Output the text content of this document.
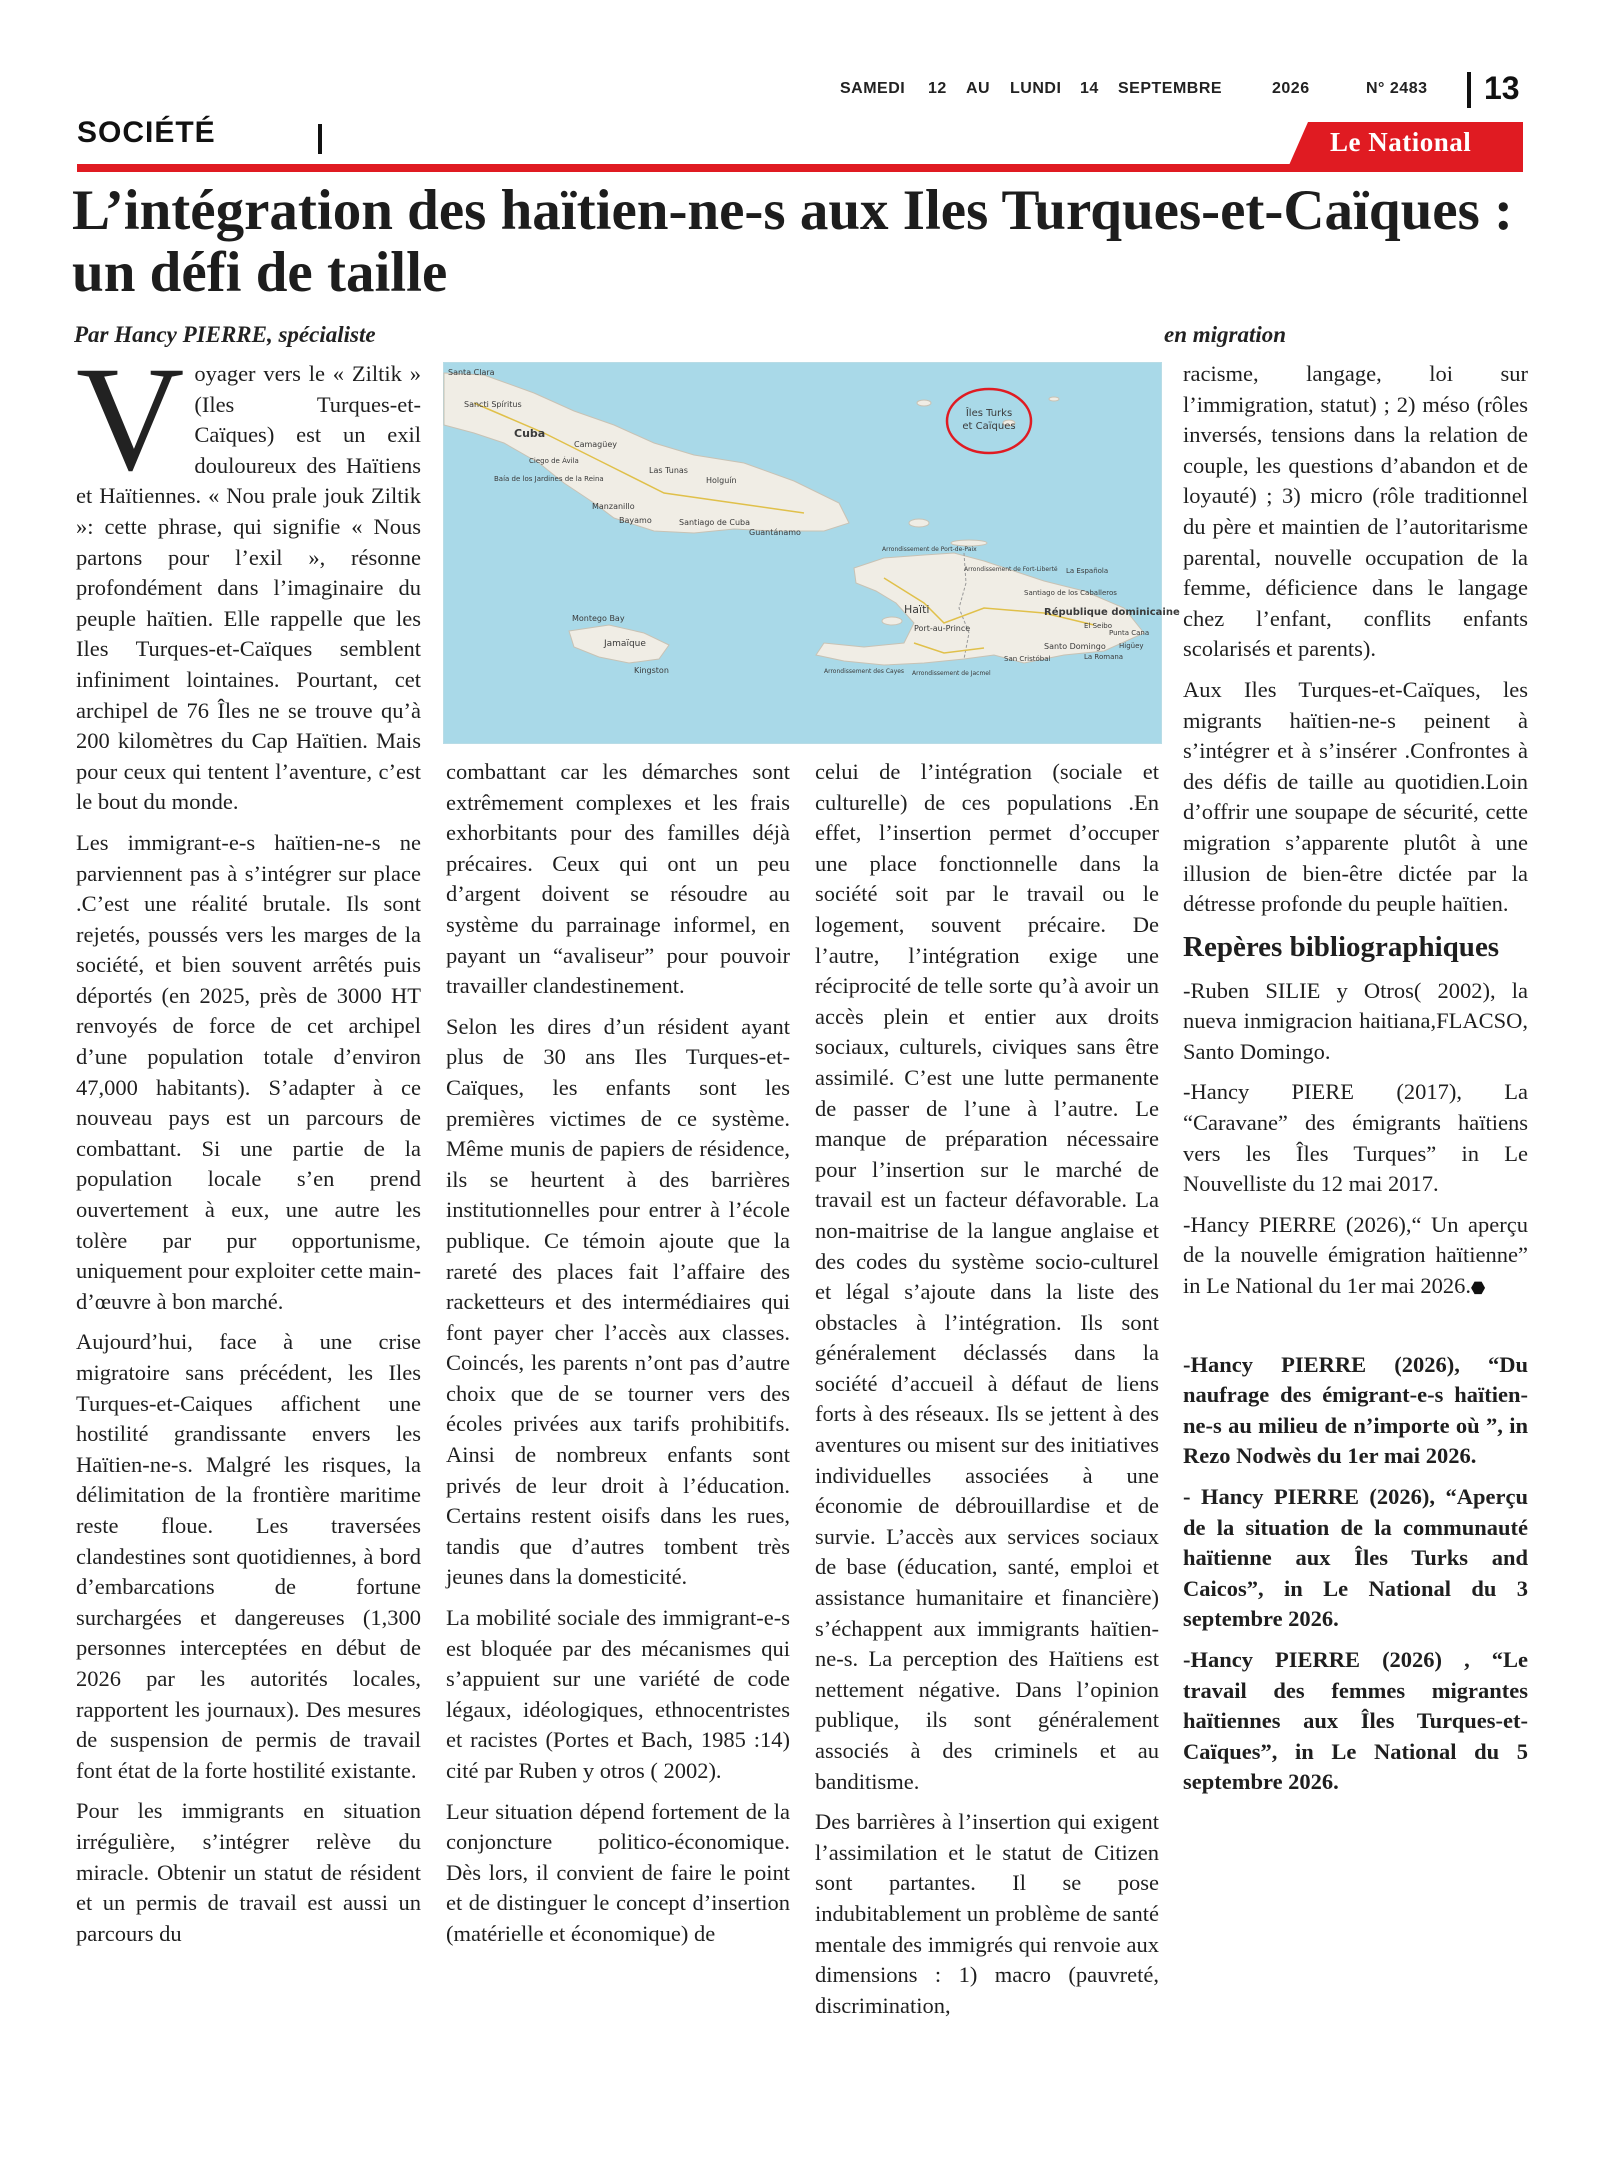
SAMEDI 12 AU LUNDI 14 SEPTEMBRE	2026	N° 2483 13
SOCIÉTÉ	Le National
L’intégration des haïtien-ne-s aux Iles Turques-et-Caïques : un défi de taille
Par Hancy PIERRE, spécialiste	en migration
Îles Turks
et Caïques
Santa Clara
Sancti Spíritus
Cuba
Camagüey
Ciego de Ávila
Las Tunas
Holguín
Bayamo	Santiago de Cuba
Guantánamo
Manzanillo
Baía de los Jardines de la Reina
Montego Bay
Jamaïque
Kingston
Haïti
Port-au-Prince
République dominicaine
Santiago de los Caballeros
Santo Domingo
Arrondissement de Port-de-Paix
Arrondissement des Cayes Arrondissement de Jacmel
La Romana
Punta Cana
El Seibo
Higüey
San Cristóbal
La Española
Arrondissement de Fort-Liberté

Voyager vers le « Ziltik » (Iles Turques-et-Caïques) est un exil douloureux des Haïtiens et Haïtiennes. « Nou prale jouk Ziltik »: cette phrase, qui signifie « Nous partons pour l’exil », résonne profondément dans l’imaginaire du peuple haïtien. Elle rappelle que les Iles Turques-et-Caïques semblent infiniment lointaines. Pourtant, cet archipel de 76 Îles ne se trouve qu’à 200 kilomètres du Cap Haïtien. Mais pour ceux qui tentent l’aventure, c’est le bout du monde.

Les immigrant-e-s haïtien-ne-s ne parviennent pas à s’intégrer sur place .C’est une réalité brutale. Ils sont rejetés, poussés vers les marges de la société, et bien souvent arrêtés puis déportés (en 2025, près de 3000 HT renvoyés de force de cet archipel d’une population totale d’environ 47,000 habitants). S’adapter à ce nouveau pays est un parcours de combattant. Si une partie de la population locale s’en prend ouvertement à eux, une autre les tolère par pur opportunisme, uniquement pour exploiter cette main-d’œuvre à bon marché.

Aujourd’hui, face à une crise migratoire sans précédent, les Iles Turques-et-Caiques affichent une hostilité grandissante envers les Haïtien-ne-s. Malgré les risques, la délimitation de la frontière maritime reste floue. Les traversées clandestines sont quotidiennes, à bord d’embarcations de fortune surchargées et dangereuses (1,300 personnes interceptées en début de 2026 par les autorités locales, rapportent les journaux). Des mesures de suspension de permis de travail font état de la forte hostilité existante.

Pour les immigrants en situation irrégulière, s’intégrer relève du miracle. Obtenir un statut de résident et un permis de travail est aussi un parcours du

combattant car les démarches sont extrêmement complexes et les frais exhorbitants pour des familles déjà précaires. Ceux qui ont un peu d’argent doivent se résoudre au système du parrainage informel, en payant un “avaliseur” pour pouvoir travailler clandestinement.

Selon les dires d’un résident ayant plus de 30 ans Iles Turques-et-Caïques, les enfants sont les premières victimes de ce système. Même munis de papiers de résidence, ils se heurtent à des barrières institutionnelles pour entrer à l’école publique. Ce témoin ajoute que la rareté des places fait l’affaire des racketteurs et des intermédiaires qui font payer cher l’accès aux classes. Coincés, les parents n’ont pas d’autre choix que de se tourner vers des écoles privées aux tarifs prohibitifs. Ainsi de nombreux enfants sont privés de leur droit à l’éducation. Certains restent oisifs dans les rues, tandis que d’autres tombent très jeunes dans la domesticité.

La mobilité sociale des immigrant-e-s est bloquée par des mécanismes qui s’appuient sur une variété de code légaux, idéologiques, ethnocentristes et racistes (Portes et Bach, 1985 :14) cité par Ruben y otros ( 2002).

Leur situation dépend fortement de la conjoncture politico-économique. Dès lors, il convient de faire le point et de distinguer le concept d’insertion (matérielle et économique) de

celui de l’intégration (sociale et culturelle) de ces populations .En effet, l’insertion permet d’occuper une place fonctionnelle dans la société soit par le travail ou le logement, souvent précaire. De l’autre, l’intégration exige une réciprocité de telle sorte qu’à avoir un accès plein et entier aux droits sociaux, culturels, civiques sans être assimilé. C’est une lutte permanente de passer de l’une à l’autre. Le manque de préparation nécessaire pour l’insertion sur le marché de travail est un facteur défavorable. La non-maitrise de la langue anglaise et des codes du système socio-culturel et légal s’ajoute dans la liste des obstacles à l’intégration. Ils sont généralement déclassés dans la société d’accueil à défaut de liens forts à des réseaux. Ils se jettent à des aventures ou misent sur des initiatives individuelles associées à une économie de débrouillardise et de survie. L’accès aux services sociaux de base (éducation, santé, emploi et assistance humanitaire et financière) s’échappent aux immigrants haïtien-ne-s. La perception des Haïtiens est nettement négative. Dans l’opinion publique, ils sont généralement associés à des criminels et au banditisme.

Des barrières à l’insertion qui exigent l’assimilation et le statut de Citizen sont partantes. Il se pose indubitablement un problème de santé mentale des immigrés qui renvoie aux dimensions : 1) macro (pauvreté, discrimination,

racisme, langage, loi sur l’immigration, statut) ; 2) méso (rôles inversés, tensions dans la relation de couple, les questions d’abandon et de loyauté) ; 3) micro (rôle traditionnel du père et maintien de l’autoritarisme parental, nouvelle occupation de la femme, déficience dans le langage chez l’enfant, conflits enfants scolarisés et parents).

Aux Iles Turques-et-Caïques, les migrants haïtien-ne-s peinent à s’intégrer et à s’insérer .Confrontes à des défis de taille au quotidien.Loin d’offrir une soupape de sécurité, cette migration s’apparente plutôt à une illusion de bien-être dictée par la détresse profonde du peuple haïtien.

Repères bibliographiques

-Ruben SILIE y Otros( 2002), la nueva inmigracion haitiana,FLACSO, Santo Domingo.

-Hancy PIERE (2017), La “Caravane” des émigrants haïtiens vers les Îles Turques” in Le Nouvelliste du 12 mai 2017.

-Hancy PIERRE (2026),“ Un aperçu de la nouvelle émigration haïtienne” in Le National du 1er mai 2026.

-Hancy PIERRE (2026), “Du naufrage des émigrant-e-s haïtien-ne-s au milieu de n’importe où ”, in Rezo Nodwès du 1er mai 2026.

- Hancy PIERRE (2026), “Aperçu de la situation de la communauté haïtienne aux Îles Turks and Caicos”, in Le National du 3 septembre 2026.

-Hancy PIERRE (2026) , “Le travail des femmes migrantes haïtiennes aux Îles Turques-et-Caïques”, in Le National du 5 septembre 2026.
